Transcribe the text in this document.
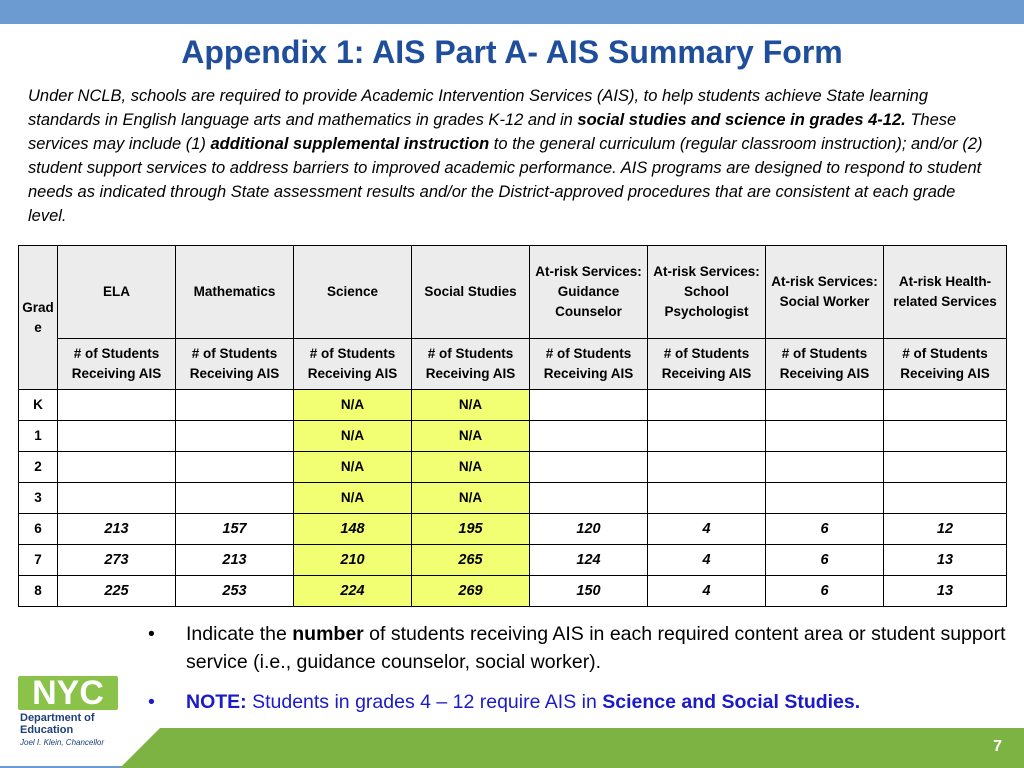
Appendix 1: AIS Part A- AIS Summary Form
Under NCLB, schools are required to provide Academic Intervention Services (AIS), to help students achieve State learning standards in English language arts and mathematics in grades K-12 and in social studies and science in grades 4-12. These services may include (1) additional supplemental instruction to the general curriculum (regular classroom instruction); and/or (2) student support services to address barriers to improved academic performance. AIS programs are designed to respond to student needs as indicated through State assessment results and/or the District-approved procedures that are consistent at each grade level.
Grade	ELA	Mathematics	Science	Social Studies	At-risk Services: Guidance Counselor	At-risk Services: School Psychologist	At-risk Services: Social Worker	At-risk Health-related Services
	# of Students Receiving AIS	# of Students Receiving AIS	# of Students Receiving AIS	# of Students Receiving AIS	# of Students Receiving AIS	# of Students Receiving AIS	# of Students Receiving AIS	# of Students Receiving AIS
K			N/A	N/A				
1			N/A	N/A				
2			N/A	N/A				
3			N/A	N/A				
6	213	157	148	195	120	4	6	12
7	273	213	210	265	124	4	6	13
8	225	253	224	269	150	4	6	13
NYC
Department of
Education
Joel I. Klein, Chancellor
• Indicate the number of students receiving AIS in each required content area or student support service (i.e., guidance counselor, social worker).
• NOTE: Students in grades 4 – 12 require AIS in Science and Social Studies.
7
